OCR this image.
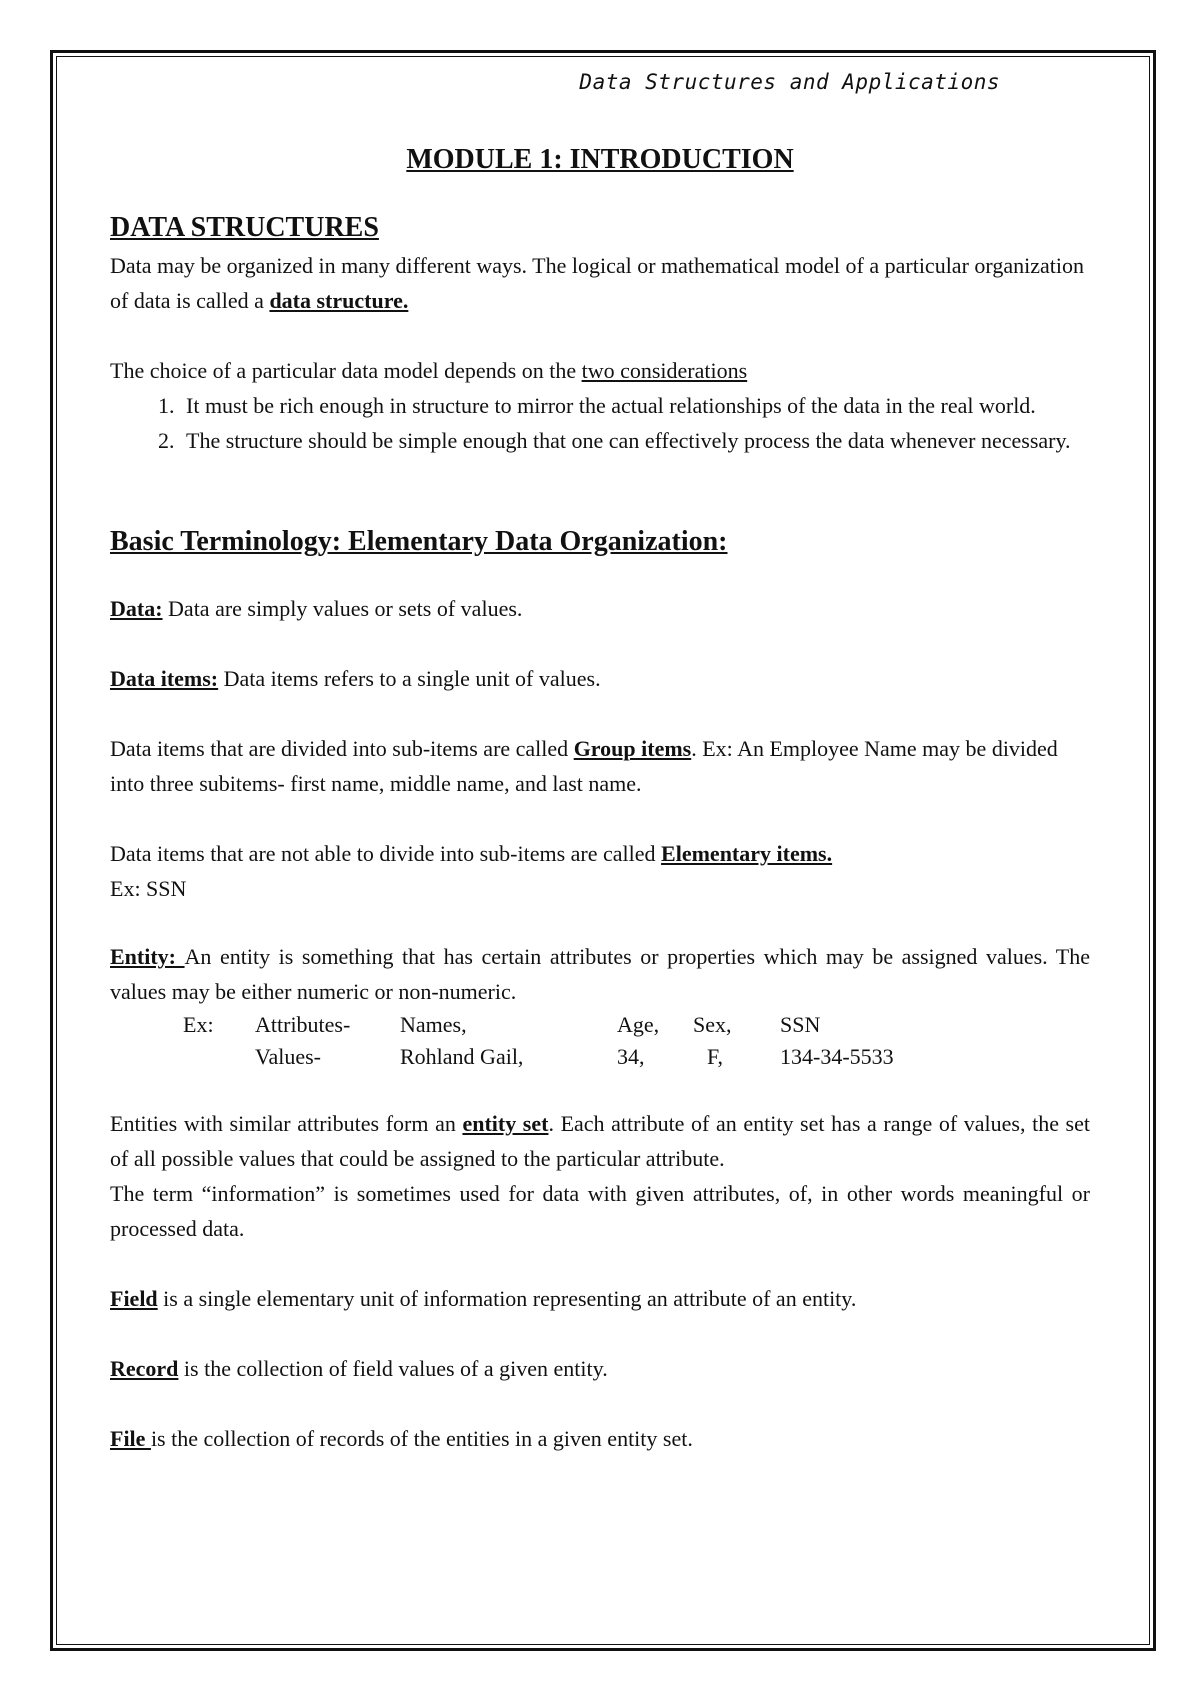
Data Structures and Applications
MODULE 1: INTRODUCTION
DATA STRUCTURES

Data may be organized in many different ways. The logical or mathematical model of a particular organization of data is called a data structure.

The choice of a particular data model depends on the two considerations

1. It must be rich enough in structure to mirror the actual relationships of the data in the real world.
2. The structure should be simple enough that one can effectively process the data whenever necessary.
Basic Terminology: Elementary Data Organization:

Data: Data are simply values or sets of values.

Data items: Data items refers to a single unit of values.

Data items that are divided into sub-items are called Group items. Ex: An Employee Name may be divided into three subitems- first name, middle name, and last name.

Data items that are not able to divide into sub-items are called Elementary items.

Ex: SSN

Entity: An entity is something that has certain attributes or properties which may be assigned values. The values may be either numeric or non-numeric.

Ex:	Attributes-	Names,	Age,	Sex,	SSN
	Values-	Rohland Gail,	34,	F,	134-34-5533

Entities with similar attributes form an entity set. Each attribute of an entity set has a range of values, the set of all possible values that could be assigned to the particular attribute.

The term “information” is sometimes used for data with given attributes, of, in other words meaningful or processed data.

Field is a single elementary unit of information representing an attribute of an entity.

Record is the collection of field values of a given entity.

File is the collection of records of the entities in a given entity set.
